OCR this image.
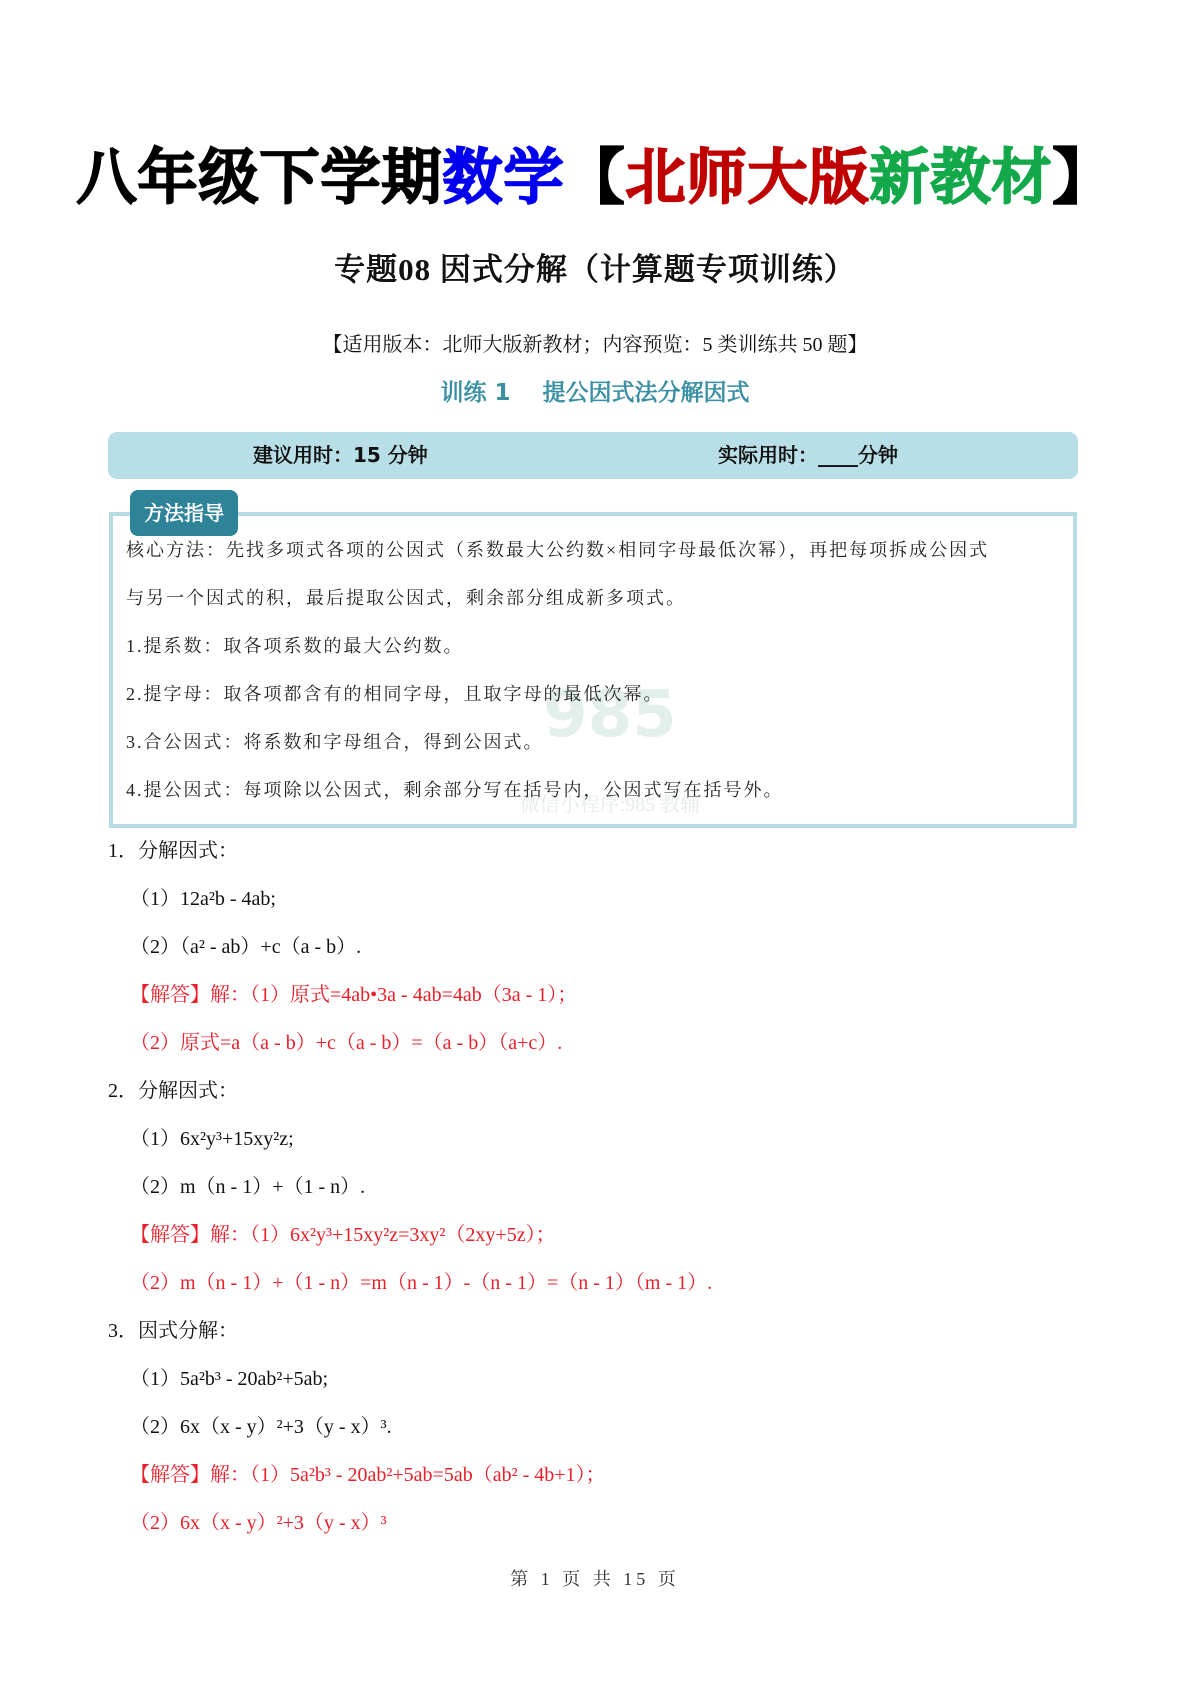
八年级下学期数学【北师大版新教材】
专题08 因式分解（计算题专项训练）
【适用版本：北师大版新教材；内容预览：5 类训练共 50 题】
训练 1 提公因式法分解因式
建议用时：15 分钟	实际用时：____分钟
985
微信小程序:985 教辅
方法指导
核心方法：先找多项式各项的公因式（系数最大公约数×相同字母最低次幂），再把每项拆成公因式
与另一个因式的积，最后提取公因式，剩余部分组成新多项式。
1.提系数：取各项系数的最大公约数。
2.提字母：取各项都含有的相同字母，且取字母的最低次幂。
3.合公因式：将系数和字母组合，得到公因式。
4.提公因式：每项除以公因式，剩余部分写在括号内，公因式写在括号外。
1．分解因式：
（1）12a²b - 4ab;
（2）（a² - ab）+c（a - b）.
【解答】解：（1）原式=4ab•3a - 4ab=4ab（3a - 1）；
（2）原式=a（a - b）+c（a - b）=（a - b）（a+c）.
2．分解因式：
（1）6x²y³+15xy²z;
（2）m（n - 1）+（1 - n）.
【解答】解：（1）6x²y³+15xy²z=3xy²（2xy+5z）；
（2）m（n - 1）+（1 - n）=m（n - 1）-（n - 1）=（n - 1）（m - 1）.
3．因式分解：
（1）5a²b³ - 20ab²+5ab;
（2）6x（x - y）²+3（y - x）³.
【解答】解：（1）5a²b³ - 20ab²+5ab=5ab（ab² - 4b+1）；
（2）6x（x - y）²+3（y - x）³
第 1 页 共 15 页
